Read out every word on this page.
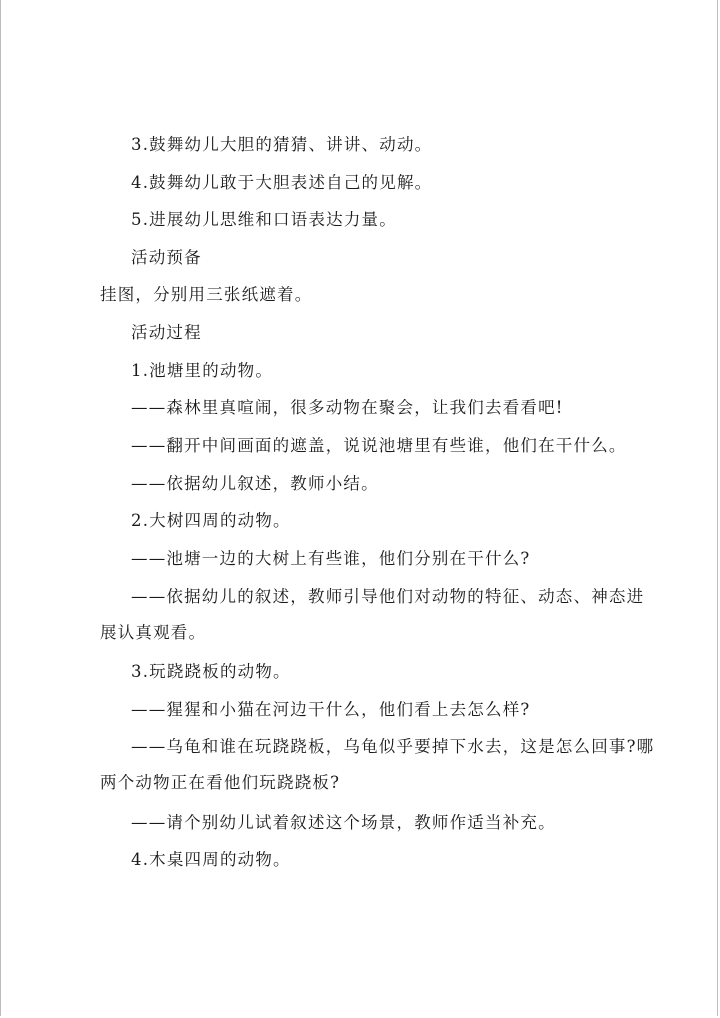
3.鼓舞幼儿大胆的猜猜、讲讲、动动。
4.鼓舞幼儿敢于大胆表述自己的见解。
5.进展幼儿思维和口语表达力量。
活动预备
挂图，分别用三张纸遮着。
活动过程
1.池塘里的动物。
——森林里真喧闹，很多动物在聚会，让我们去看看吧!
——翻开中间画面的遮盖，说说池塘里有些谁，他们在干什么。
——依据幼儿叙述，教师小结。
2.大树四周的动物。
——池塘一边的大树上有些谁，他们分别在干什么?
——依据幼儿的叙述，教师引导他们对动物的特征、动态、神态进展认真观看。
3.玩跷跷板的动物。
——猩猩和小猫在河边干什么，他们看上去怎么样?
——乌龟和谁在玩跷跷板，乌龟似乎要掉下水去，这是怎么回事?哪两个动物正在看他们玩跷跷板?
——请个别幼儿试着叙述这个场景，教师作适当补充。
4.木桌四周的动物。
